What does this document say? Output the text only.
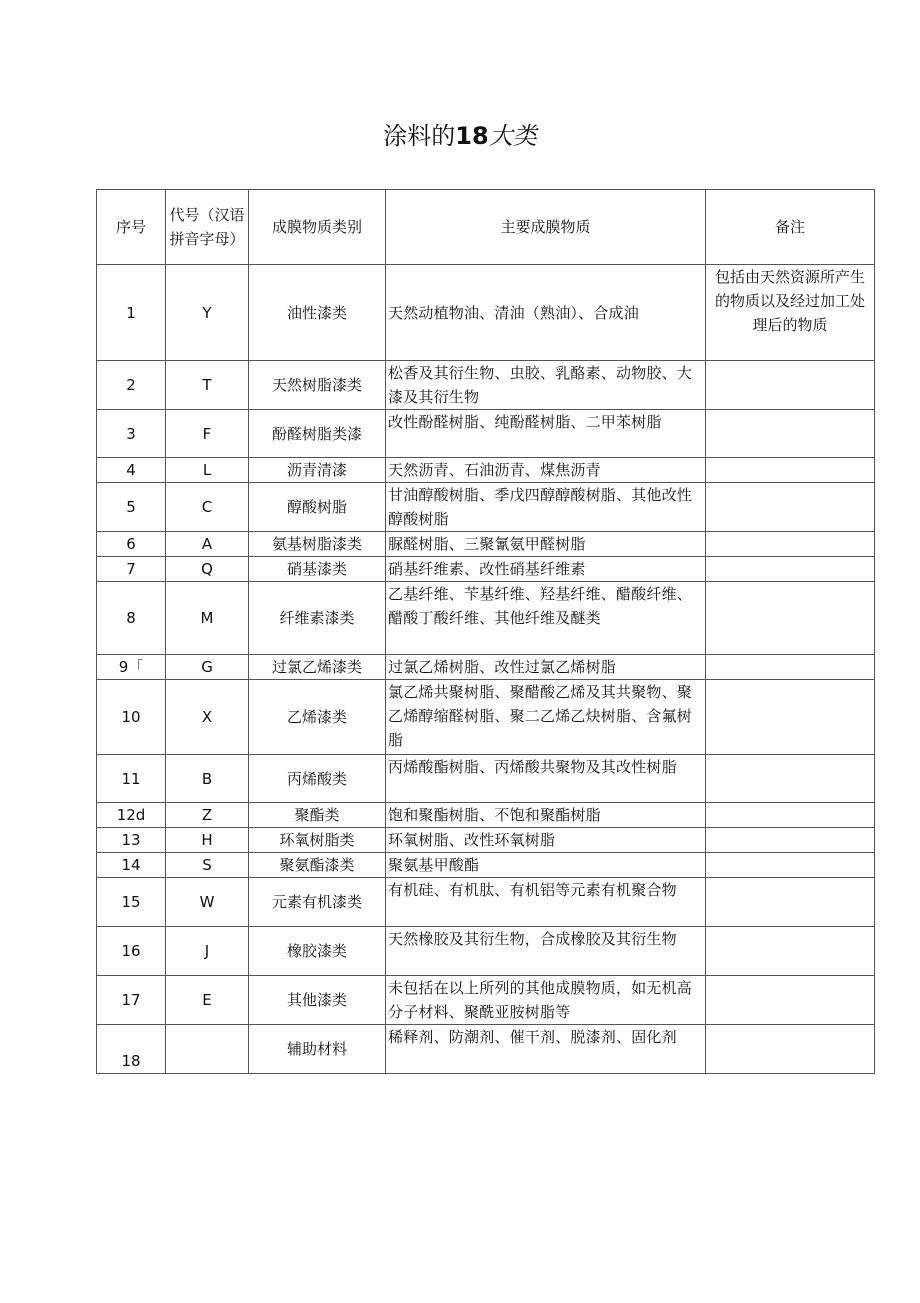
涂料的18大类
序号	代号（汉语拼音字母）	成膜物质类别	主要成膜物质	备注
1	Y	油性漆类	天然动植物油、清油（熟油）、合成油	包括由天然资源所产生的物质以及经过加工处理后的物质
2	T	天然树脂漆类	松香及其衍生物、虫胶、乳酪素、动物胶、大漆及其衍生物	
3	F	酚醛树脂类漆	改性酚醛树脂、纯酚醛树脂、二甲苯树脂	
4	L	沥青清漆	天然沥青、石油沥青、煤焦沥青	
5	C	醇酸树脂	甘油醇酸树脂、季戊四醇醇酸树脂、其他改性醇酸树脂	
6	A	氨基树脂漆类	脲醛树脂、三聚氰氨甲醛树脂	
7	Q	硝基漆类	硝基纤维素、改性硝基纤维素	
8	M	纤维素漆类	乙基纤维、苄基纤维、羟基纤维、醋酸纤维、醋酸丁酸纤维、其他纤维及醚类	
9「	G	过氯乙烯漆类	过氯乙烯树脂、改性过氯乙烯树脂	
10	X	乙烯漆类	氯乙烯共聚树脂、聚醋酸乙烯及其共聚物、聚乙烯醇缩醛树脂、聚二乙烯乙炔树脂、含氟树脂	
11	B	丙烯酸类	丙烯酸酯树脂、丙烯酸共聚物及其改性树脂	
12d	Z	聚酯类	饱和聚酯树脂、不饱和聚酯树脂	
13	H	环氧树脂类	环氧树脂、改性环氧树脂	
14	S	聚氨酯漆类	聚氨基甲酸酯	
15	W	元素有机漆类	有机硅、有机肽、有机铝等元素有机聚合物	
16	J	橡胶漆类	天然橡胶及其衍生物，合成橡胶及其衍生物	
17	E	其他漆类	未包括在以上所列的其他成膜物质，如无机高分子材料、聚酰亚胺树脂等	
18		辅助材料	稀释剂、防潮剂、催干剂、脱漆剂、固化剂	
